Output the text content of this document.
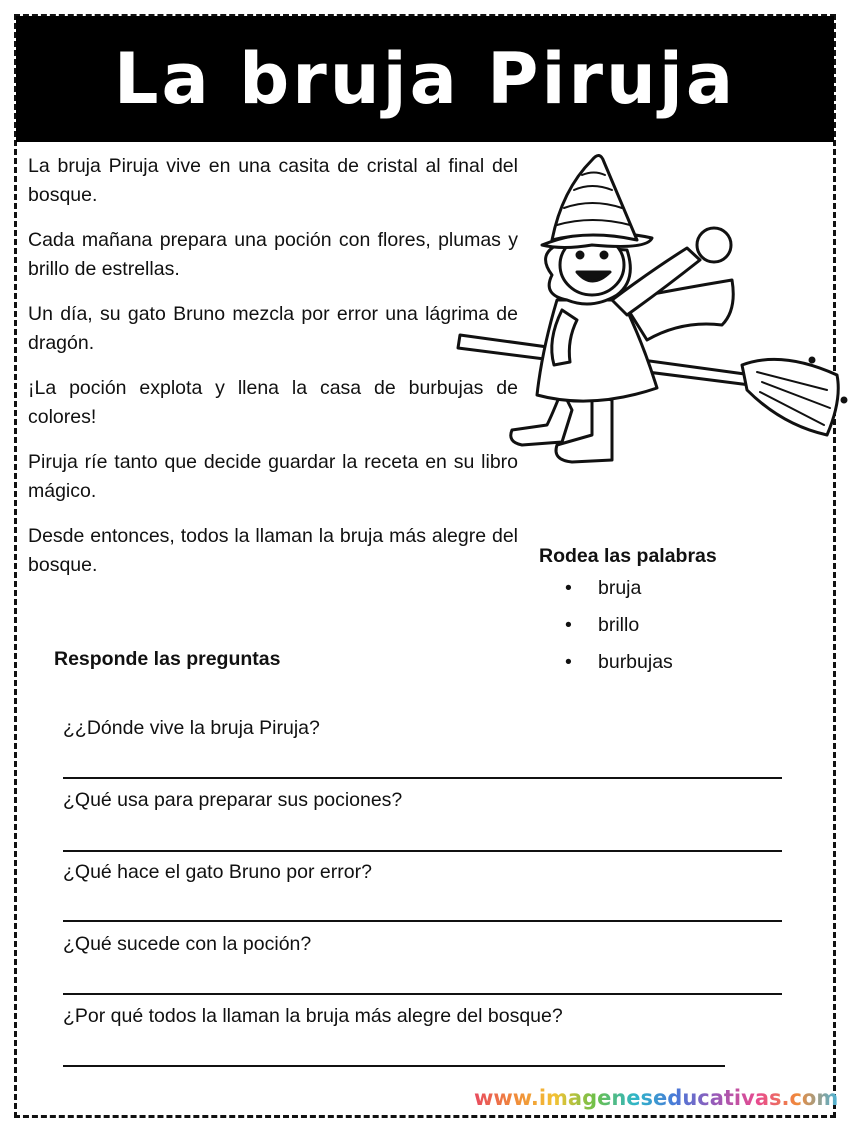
La bruja Piruja

La bruja Piruja vive en una casita de cristal al final del bosque.

Cada mañana prepara una poción con flores, plumas y brillo de estrellas.

Un día, su gato Bruno mezcla por error una lágrima de dragón.

¡La poción explota y llena la casa de burbujas de colores!

Piruja ríe tanto que decide guardar la receta en su libro mágico.

Desde entonces, todos la llaman la bruja más alegre del bosque.	Rodea las palabras
• bruja
• brillo
• burbujas
Responde las preguntas
¿¿Dónde vive la bruja Piruja?
¿Qué usa para preparar sus pociones?
¿Qué hace el gato Bruno por error?
¿Qué sucede con la poción?
¿Por qué todos la llaman la bruja más alegre del bosque?
www.imageneseducativas.com
